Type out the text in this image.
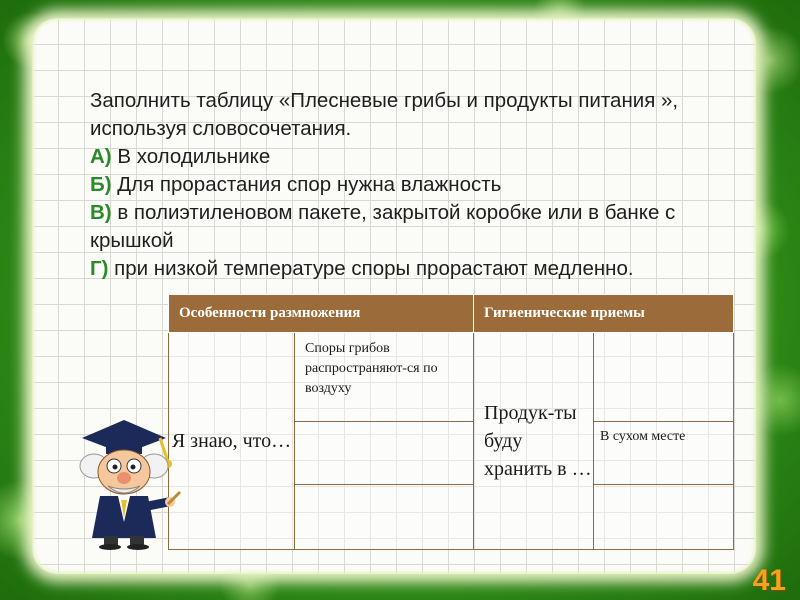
Заполнить таблицу «Плесневые грибы и продукты питания », используя словосочетания.

А) В холодильнике

Б) Для прорастания спор нужна влажность

В) в полиэтиленовом пакете, закрытой коробке или в банке с крышкой

Г) при низкой температуре споры прорастают медленно.

Особенности размножения		Гигиенические приемы	
Я знаю, что…	Споры грибов распространяют-ся по воздуху	Продук-ты буду хранить в …	
			В сухом месте

41
